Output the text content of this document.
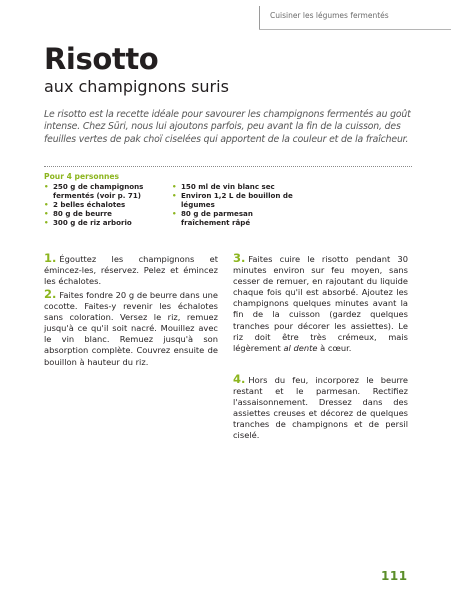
Cuisiner les légumes fermentés
Risotto
aux champignons suris

Le risotto est la recette idéale pour savourer les champignons fermentés au goût intense. Chez Sūri, nous lui ajoutons parfois, peu avant la fin de la cuisson, des feuilles vertes de pak choï ciselées qui apportent de la couleur et de la fraîcheur.

Pour 4 personnes
• 250 g de champignons fermentés (voir p. 71)
• 2 belles échalotes
• 80 g de beurre
• 300 g de riz arborio
• 150 ml de vin blanc sec
• Environ 1,2 L de bouillon de légumes
• 80 g de parmesan fraîchement râpé

1. Égouttez les champignons et émincez-les, réservez. Pelez et émincez les échalotes.

2. Faites fondre 20 g de beurre dans une cocotte. Faites-y revenir les échalotes sans coloration. Versez le riz, remuez jusqu'à ce qu'il soit nacré. Mouillez avec le vin blanc. Remuez jusqu'à son absorption complète. Couvrez ensuite de bouillon à hauteur du riz.

3. Faites cuire le risotto pendant 30 minutes environ sur feu moyen, sans cesser de remuer, en rajoutant du liquide chaque fois qu'il est absorbé. Ajoutez les champignons quelques minutes avant la fin de la cuisson (gardez quelques tranches pour décorer les assiettes). Le riz doit être très crémeux, mais légèrement al dente à cœur.

4. Hors du feu, incorporez le beurre restant et le parmesan. Rectifiez l'assaisonnement. Dressez dans des assiettes creuses et décorez de quelques tranches de champignons et de persil ciselé.

111
